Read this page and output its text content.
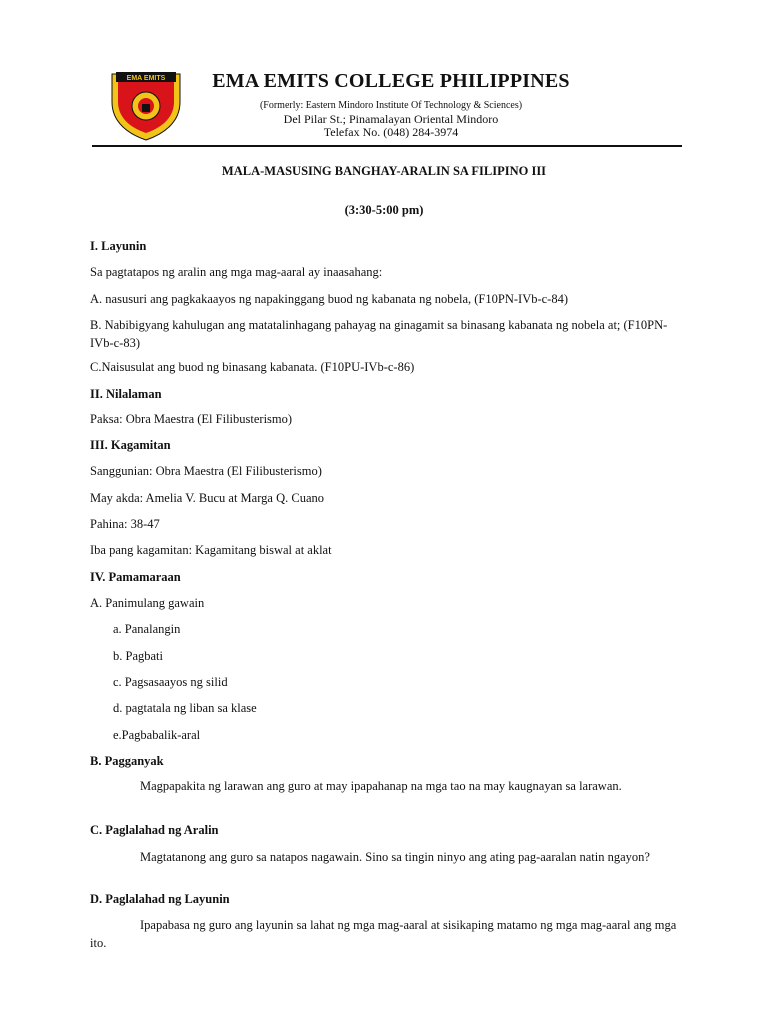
EMA EMITS	EMA EMITS COLLEGE PHILIPPINES
(Formerly: Eastern Mindoro Institute Of Technology & Sciences)
Del Pilar St.; Pinamalayan Oriental Mindoro
Telefax No. (048) 284-3974
MALA-MASUSING BANGHAY-ARALIN SA FILIPINO III
(3:30-5:00 pm)
I. Layunin
Sa pagtatapos ng aralin ang mga mag-aaral ay inaasahang:
A. nasusuri ang pagkakaayos ng napakinggang buod ng kabanata ng nobela, (F10PN-IVb-c-84)
B. Nabibigyang kahulugan ang matatalinhagang pahayag na ginagamit sa binasang kabanata ng nobela at; (F10PN-IVb-c-83)
C.Naisusulat ang buod ng binasang kabanata. (F10PU-IVb-c-86)
II. Nilalaman
Paksa: Obra Maestra (El Filibusterismo)
III. Kagamitan
Sanggunian: Obra Maestra (El Filibusterismo)
May akda: Amelia V. Bucu at Marga Q. Cuano
Pahina: 38-47
Iba pang kagamitan: Kagamitang biswal at aklat
IV. Pamamaraan
A. Panimulang gawain
a. Panalangin
b. Pagbati
c. Pagsasaayos ng silid
d. pagtatala ng liban sa klase
e.Pagbabalik-aral
B. Pagganyak
Magpapakita ng larawan ang guro at may ipapahanap na mga tao na may kaugnayan sa larawan.
C. Paglalahad ng Aralin
Magtatanong ang guro sa natapos nagawain. Sino sa tingin ninyo ang ating pag-aaralan natin ngayon?
D. Paglalahad ng Layunin
Ipapabasa ng guro ang layunin sa lahat ng mga mag-aaral at sisikaping matamo ng mga mag-aaral ang mga ito.
